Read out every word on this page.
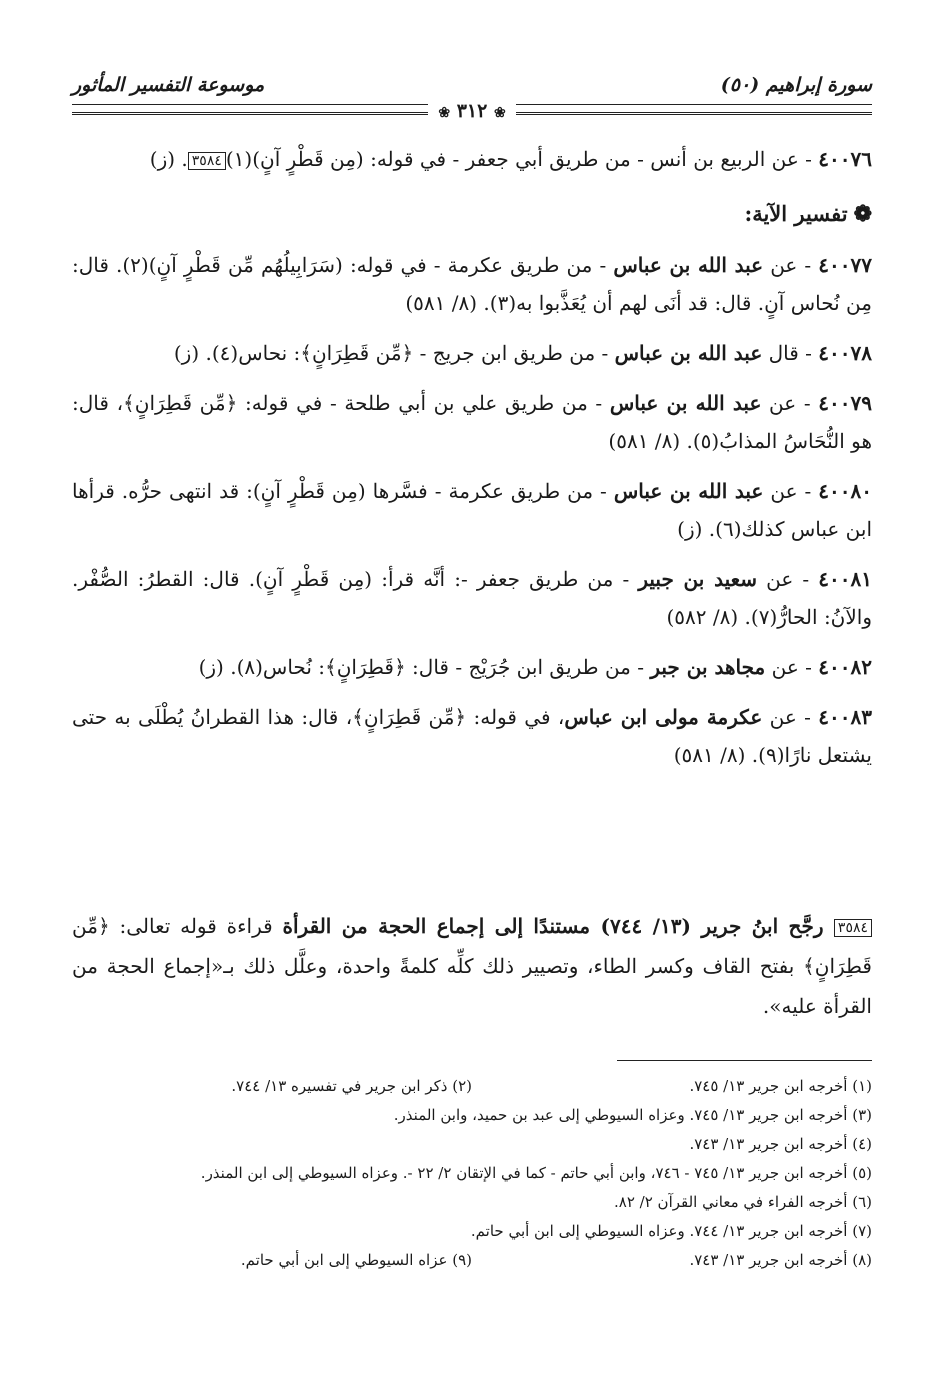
سورة إبراهيم (٥٠)
موسوعة التفسير المأثور
❀ ٣١٢ ❀

٤٠٠٧٦ - عن الربيع بن أنس - من طريق أبي جعفر - في قوله: (مِن قَطْرٍ آنٍ)(١)٣٥٨٤. (ز)

❁تفسير الآية:

٤٠٠٧٧ - عن عبد الله بن عباس - من طريق عكرمة - في قوله: (سَرَابِيلُهُم مِّن قَطْرٍ آنٍ)(٢). قال: مِن نُحاس آنٍ. قال: قد أنَى لهم أن يُعَذَّبوا به(٣). (٨/ ٥٨١)

٤٠٠٧٨ - قال عبد الله بن عباس - من طريق ابن جريج - ﴿مِّن قَطِرَانٍ﴾: نحاس(٤). (ز)

٤٠٠٧٩ - عن عبد الله بن عباس - من طريق علي بن أبي طلحة - في قوله: ﴿مِّن قَطِرَانٍ﴾، قال: هو النُّحَاسُ المذابُ(٥). (٨/ ٥٨١)

٤٠٠٨٠ - عن عبد الله بن عباس - من طريق عكرمة - فسَّرها (مِن قَطْرٍ آنٍ): قد انتهى حرُّه. قرأها ابن عباس كذلك(٦). (ز)

٤٠٠٨١ - عن سعيد بن جبير - من طريق جعفر -: أنَّه قرأ: (مِن قَطْرٍ آنٍ). قال: القطرُ: الصُّفْر. والآنُ: الحارُّ(٧). (٨/ ٥٨٢)

٤٠٠٨٢ - عن مجاهد بن جبر - من طريق ابن جُرَيْج - قال: ﴿قَطِرَانٍ﴾: نُحاس(٨). (ز)

٤٠٠٨٣ - عن عكرمة مولى ابن عباس، في قوله: ﴿مِّن قَطِرَانٍ﴾، قال: هذا القطرانُ يُطْلَى به حتى يشتعل نارًا(٩). (٨/ ٥٨١)

٣٥٨٤ رجَّح ابنُ جرير (١٣/ ٧٤٤) مستندًا إلى إجماع الحجة من القرأة قراءة قوله تعالى: ﴿مِّن قَطِرَانٍ﴾ بفتح القاف وكسر الطاء، وتصيير ذلك كلِّه كلمةً واحدة، وعلَّل ذلك بـ«إجماع الحجة من القرأة عليه».
(١) أخرجه ابن جرير ١٣/ ٧٤٥.
(٢) ذكر ابن جرير في تفسيره ١٣/ ٧٤٤.
(٣) أخرجه ابن جرير ١٣/ ٧٤٥. وعزاه السيوطي إلى عبد بن حميد، وابن المنذر.
(٤) أخرجه ابن جرير ١٣/ ٧٤٣.
(٥) أخرجه ابن جرير ١٣/ ٧٤٥ - ٧٤٦، وابن أبي حاتم - كما في الإتقان ٢/ ٢٢ -. وعزاه السيوطي إلى ابن المنذر.
(٦) أخرجه الفراء في معاني القرآن ٢/ ٨٢.
(٧) أخرجه ابن جرير ١٣/ ٧٤٤. وعزاه السيوطي إلى ابن أبي حاتم.
(٨) أخرجه ابن جرير ١٣/ ٧٤٣.
(٩) عزاه السيوطي إلى ابن أبي حاتم.
